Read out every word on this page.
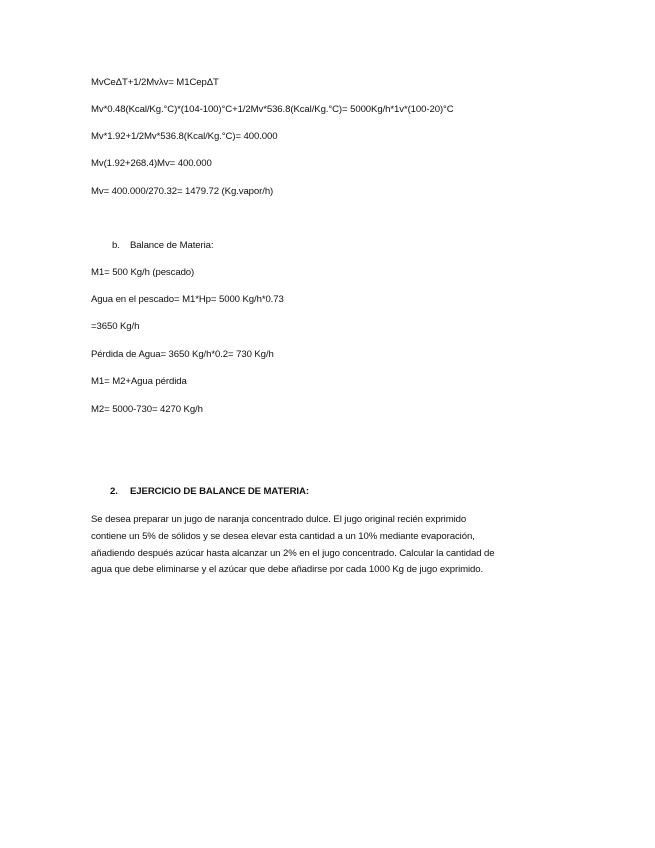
MvCeΔT+1/2Mvλv= M1CepΔT
Mv*0.48(Kcal/Kg.°C)*(104-100)°C+1/2Mv*536.8(Kcal/Kg.°C)= 5000Kg/h*1v*(100-20)°C
Mv*1.92+1/2Mv*536.8(Kcal/Kg.°C)= 400.000
Mv(1.92+268.4)Mv= 400.000
Mv= 400.000/270.32= 1479.72 (Kg.vapor/h)
b. Balance de Materia:
M1= 500 Kg/h (pescado)
Agua en el pescado= M1*Hp= 5000 Kg/h*0.73
=3650 Kg/h
Pérdida de Agua= 3650 Kg/h*0.2= 730 Kg/h
M1= M2+Agua pérdida
M2= 5000-730= 4270 Kg/h
2. EJERCICIO DE BALANCE DE MATERIA:
Se desea preparar un jugo de naranja concentrado dulce. El jugo original recién exprimido
contiene un 5% de sólidos y se desea elevar esta cantidad a un 10% mediante evaporación,
añadiendo después azúcar hasta alcanzar un 2% en el jugo concentrado. Calcular la cantidad de
agua que debe eliminarse y el azúcar que debe añadirse por cada 1000 Kg de jugo exprimido.
